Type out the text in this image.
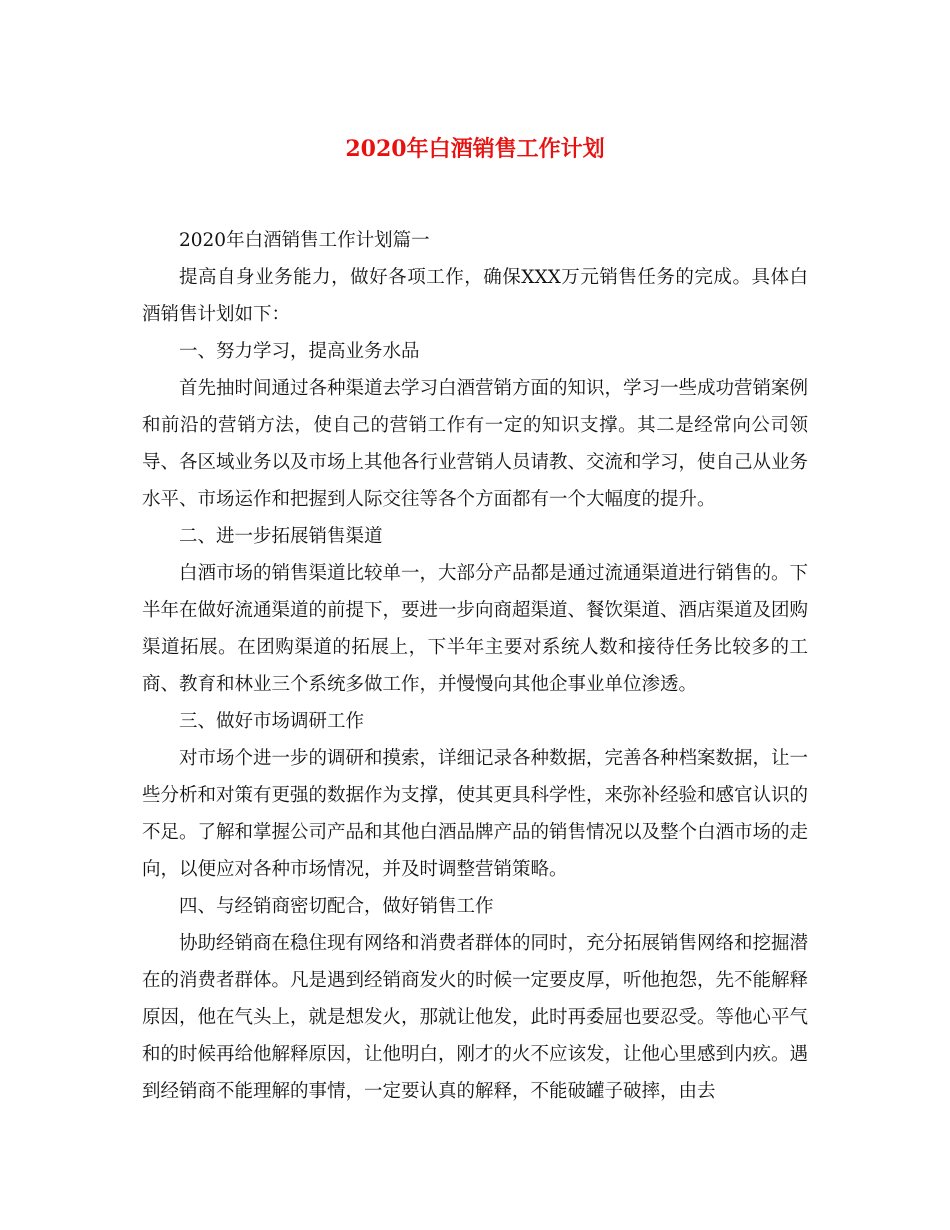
2020年白酒销售工作计划

2020年白酒销售工作计划篇一

提高自身业务能力，做好各项工作，确保XXX万元销售任务的完成。具体白酒销售计划如下：

一、努力学习，提高业务水品

首先抽时间通过各种渠道去学习白酒营销方面的知识，学习一些成功营销案例和前沿的营销方法，使自己的营销工作有一定的知识支撑。其二是经常向公司领导、各区域业务以及市场上其他各行业营销人员请教、交流和学习，使自己从业务水平、市场运作和把握到人际交往等各个方面都有一个大幅度的提升。

二、进一步拓展销售渠道

白酒市场的销售渠道比较单一，大部分产品都是通过流通渠道进行销售的。下半年在做好流通渠道的前提下，要进一步向商超渠道、餐饮渠道、酒店渠道及团购渠道拓展。在团购渠道的拓展上，下半年主要对系统人数和接待任务比较多的工商、教育和林业三个系统多做工作，并慢慢向其他企事业单位渗透。

三、做好市场调研工作

对市场个进一步的调研和摸索，详细记录各种数据，完善各种档案数据，让一些分析和对策有更强的数据作为支撑，使其更具科学性，来弥补经验和感官认识的不足。了解和掌握公司产品和其他白酒品牌产品的销售情况以及整个白酒市场的走向，以便应对各种市场情况，并及时调整营销策略。

四、与经销商密切配合，做好销售工作

协助经销商在稳住现有网络和消费者群体的同时，充分拓展销售网络和挖掘潜在的消费者群体。凡是遇到经销商发火的时候一定要皮厚，听他抱怨，先不能解释原因，他在气头上，就是想发火，那就让他发，此时再委屈也要忍受。等他心平气和的时候再给他解释原因，让他明白，刚才的火不应该发，让他心里感到内疚。遇到经销商不能理解的事情，一定要认真的解释，不能破罐子破摔，由去
